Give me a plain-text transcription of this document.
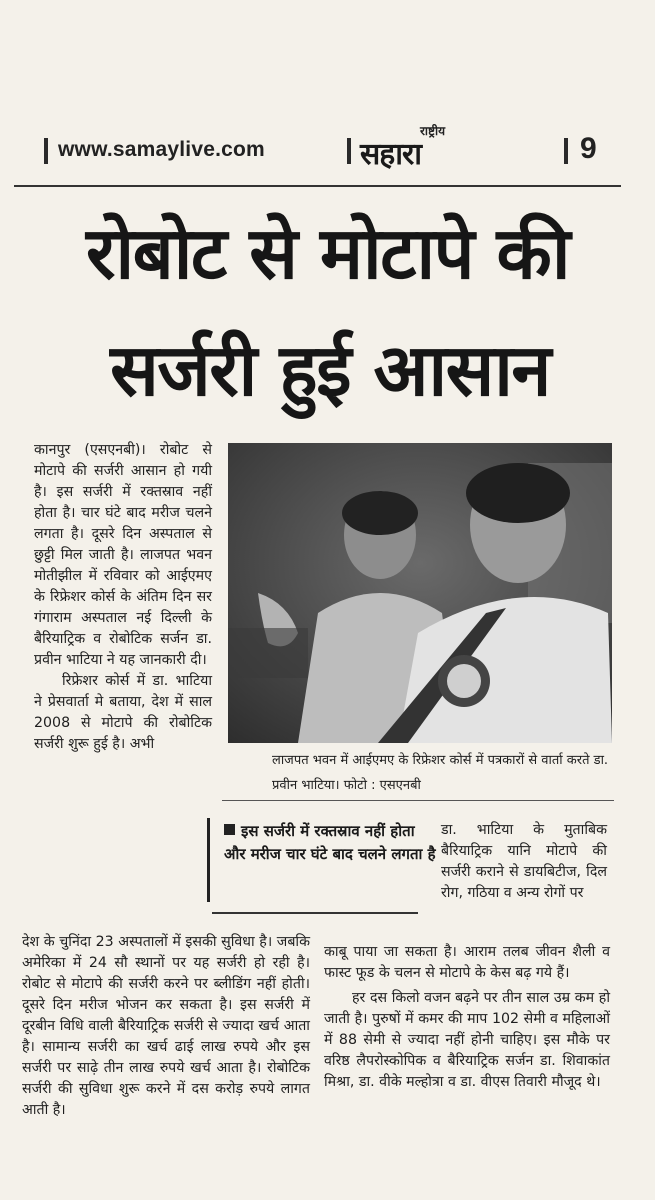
www.samaylive.com
राष्ट्रीय
सहारा	9
रोबोट से मोटापे की
सर्जरी हुई आसान

कानपुर (एसएनबी)। रोबोट से मोटापे की सर्जरी आसान हो गयी है। इस सर्जरी में रक्तस्राव नहीं होता है। चार घंटे बाद मरीज चलने लगता है। दूसरे दिन अस्पताल से छुट्टी मिल जाती है। लाजपत भवन मोतीझील में रविवार को आईएमए के रिफ्रेशर कोर्स के अंतिम दिन सर गंगाराम अस्पताल नई दिल्ली के बैरियाट्रिक व रोबोटिक सर्जन डा. प्रवीन भाटिया ने यह जानकारी दी।

रिफ्रेशर कोर्स में डा. भाटिया ने प्रेसवार्ता मे बताया, देश में साल 2008 से मोटापे की रोबोटिक सर्जरी शुरू हुई है। अभी

लाजपत भवन में आईएमए के रिफ्रेशर कोर्स में पत्रकारों से वार्ता करते डा. प्रवीन भाटिया। फोटो : एसएनबी
इस सर्जरी में रक्तस्राव नहीं होता और मरीज चार घंटे बाद चलने लगता है

डा. भाटिया के मुताबिक बैरियाट्रिक यानि मोटापे की सर्जरी कराने से डायबिटीज, दिल रोग, गठिया व अन्य रोगों पर

देश के चुनिंदा 23 अस्पतालों में इसकी सुविधा है। जबकि अमेरिका में 24 सौ स्थानों पर यह सर्जरी हो रही है। रोबोट से मोटापे की सर्जरी करने पर ब्लीडिंग नहीं होती। दूसरे दिन मरीज भोजन कर सकता है। इस सर्जरी में दूरबीन विधि वाली बैरियाट्रिक सर्जरी से ज्यादा खर्च आता है। सामान्य सर्जरी का खर्च ढाई लाख रुपये और इस सर्जरी पर साढ़े तीन लाख रुपये खर्च आता है। रोबोटिक सर्जरी की सुविधा शुरू करने में दस करोड़ रुपये लागत आती है।

काबू पाया जा सकता है। आराम तलब जीवन शैली व फास्ट फूड के चलन से मोटापे के केस बढ़ गये हैं।

हर दस किलो वजन बढ़ने पर तीन साल उम्र कम हो जाती है। पुरुषों में कमर की माप 102 सेमी व महिलाओं में 88 सेमी से ज्यादा नहीं होनी चाहिए। इस मौके पर वरिष्ठ लैपरोस्कोपिक व बैरियाट्रिक सर्जन डा. शिवाकांत मिश्रा, डा. वीके मल्होत्रा व डा. वीएस तिवारी मौजूद थे।
